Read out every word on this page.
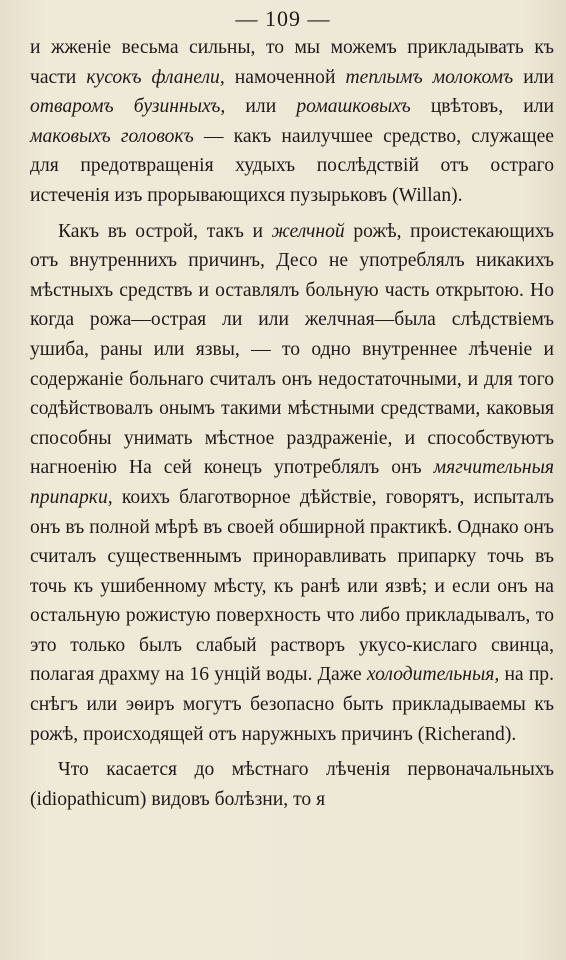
— 109 —

и жженіе весьма сильны, то мы можемъ прикладывать къ части кусокъ фланели, намоченной теплымъ молокомъ или отваромъ бузинныхъ, или ромашковыхъ цвѣтовъ, или маковыхъ головокъ — какъ наилучшее средство, служащее для предотвращенія худыхъ послѣдствій отъ остраго истеченія изъ прорывающихся пузырьковъ (Willan).

Какъ въ острой, такъ и желчной рожѣ, проистекающихъ отъ внутреннихъ причинъ, Десо не употреблялъ никакихъ мѣстныхъ средствъ и оставлялъ больную часть открытою. Но когда рожа—острая ли или желчная—была слѣдствіемъ ушиба, раны или язвы, — то одно внутреннее лѣченіе и содержаніе больнаго считалъ онъ недостаточными, и для того содѣйствовалъ онымъ такими мѣстными средствами, каковыя способны унимать мѣстное раздраженіе, и способствуютъ нагноенію На сей конецъ употреблялъ онъ мягчительныя припарки, коихъ благотворное дѣйствіе, говорятъ, испыталъ онъ въ полной мѣрѣ въ своей обширной практикѣ. Однако онъ считалъ существеннымъ приноравливать припарку точь въ точь къ ушибенному мѣсту, къ ранѣ или язвѣ; и если онъ на остальную рожистую поверхность что либо прикладывалъ, то это только былъ слабый растворъ укусо-кислаго свинца, полагая драхму на 16 унцій воды. Даже холодительныя, на пр. снѣгъ или эѳиръ могутъ безопасно быть прикладываемы къ рожѣ, происходящей отъ наружныхъ причинъ (Richerand).

Что касается до мѣстнаго лѣченія первоначальныхъ (idiopathicum) видовъ болѣзни, то я
